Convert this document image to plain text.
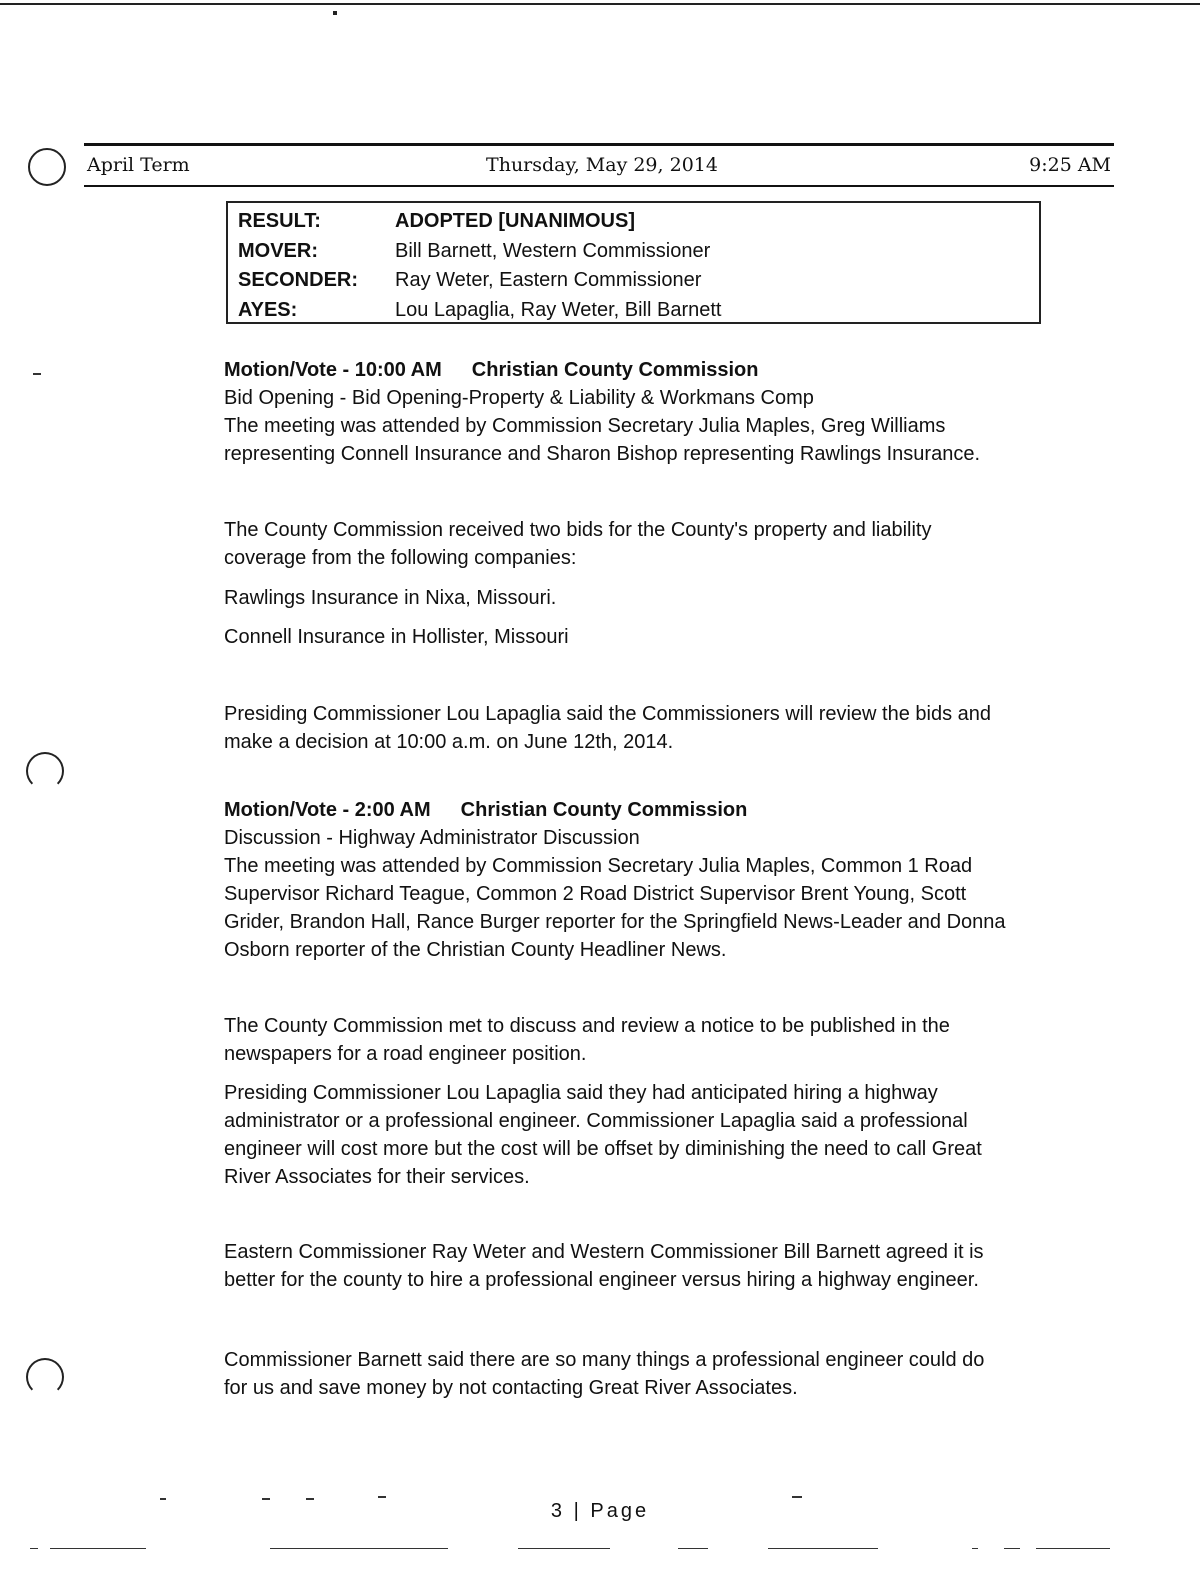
April Term	Thursday, May 29, 2014	9:25 AM
RESULT:	ADOPTED [UNANIMOUS]
MOVER:	Bill Barnett, Western Commissioner
SECONDER:	Ray Weter, Eastern Commissioner
AYES:	Lou Lapaglia, Ray Weter, Bill Barnett

Motion/Vote - 10:00 AM Christian County Commission

Bid Opening - Bid Opening-Property & Liability & Workmans Comp

The meeting was attended by Commission Secretary Julia Maples, Greg Williams

representing Connell Insurance and Sharon Bishop representing Rawlings Insurance.

The County Commission received two bids for the County's property and liability

coverage from the following companies:

Rawlings Insurance in Nixa, Missouri.

Connell Insurance in Hollister, Missouri

Presiding Commissioner Lou Lapaglia said the Commissioners will review the bids and

make a decision at 10:00 a.m. on June 12th, 2014.

Motion/Vote - 2:00 AM Christian County Commission

Discussion - Highway Administrator Discussion

The meeting was attended by Commission Secretary Julia Maples, Common 1 Road

Supervisor Richard Teague, Common 2 Road District Supervisor Brent Young, Scott

Grider, Brandon Hall, Rance Burger reporter for the Springfield News-Leader and Donna

Osborn reporter of the Christian County Headliner News.

The County Commission met to discuss and review a notice to be published in the

newspapers for a road engineer position.

Presiding Commissioner Lou Lapaglia said they had anticipated hiring a highway

administrator or a professional engineer. Commissioner Lapaglia said a professional

engineer will cost more but the cost will be offset by diminishing the need to call Great

River Associates for their services.

Eastern Commissioner Ray Weter and Western Commissioner Bill Barnett agreed it is

better for the county to hire a professional engineer versus hiring a highway engineer.

Commissioner Barnett said there are so many things a professional engineer could do

for us and save money by not contacting Great River Associates.

3 | Page
